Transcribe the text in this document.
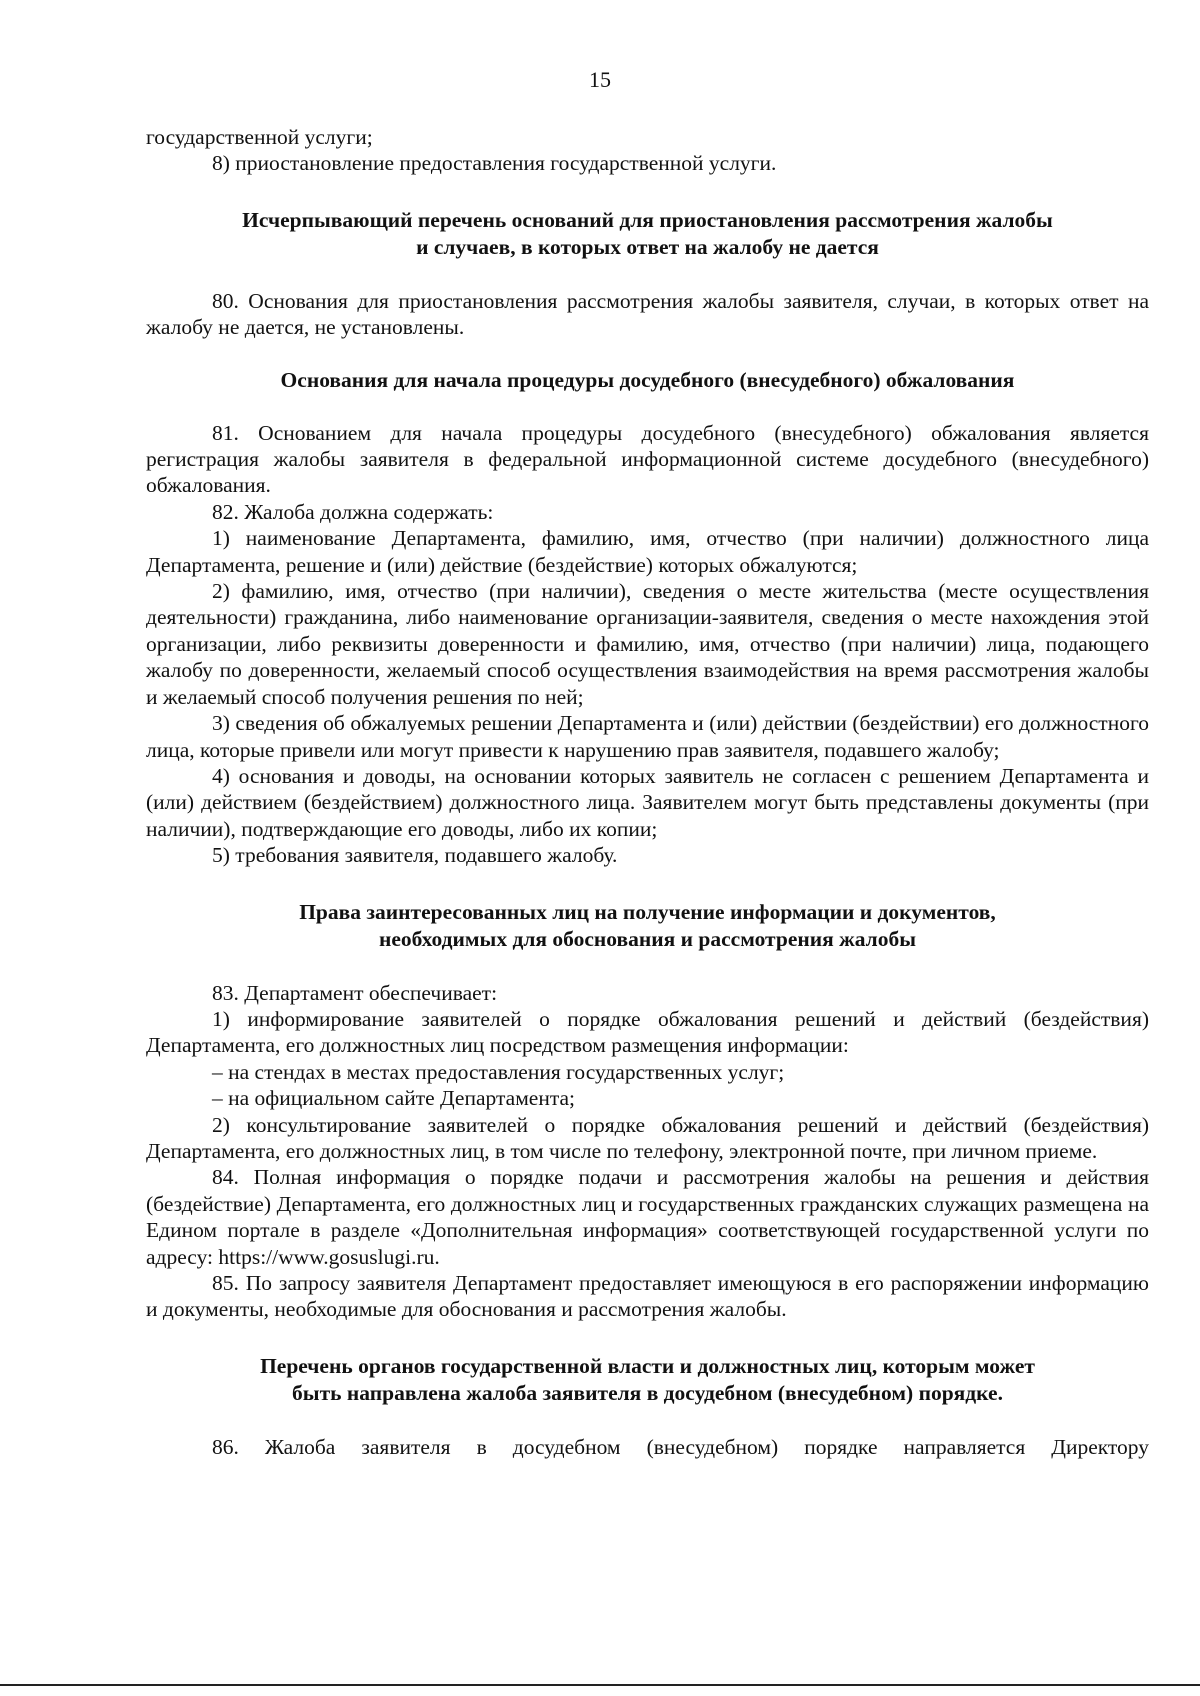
15

государственной услуги;

8) приостановление предоставления государственной услуги.

Исчерпывающий перечень оснований для приостановления рассмотрения жалобы
и случаев, в которых ответ на жалобу не дается

80. Основания для приостановления рассмотрения жалобы заявителя, случаи, в которых ответ на жалобу не дается, не установлены.

Основания для начала процедуры досудебного (внесудебного) обжалования

81. Основанием для начала процедуры досудебного (внесудебного) обжалования является регистрация жалобы заявителя в федеральной информационной системе досудебного (внесудебного) обжалования.

82. Жалоба должна содержать:

1) наименование Департамента, фамилию, имя, отчество (при наличии) должностного лица Департамента, решение и (или) действие (бездействие) которых обжалуются;

2) фамилию, имя, отчество (при наличии), сведения о месте жительства (месте осуществления деятельности) гражданина, либо наименование организации-заявителя, сведения о месте нахождения этой организации, либо реквизиты доверенности и фамилию, имя, отчество (при наличии) лица, подающего жалобу по доверенности, желаемый способ осуществления взаимодействия на время рассмотрения жалобы и желаемый способ получения решения по ней;

3) сведения об обжалуемых решении Департамента и (или) действии (бездействии) его должностного лица, которые привели или могут привести к нарушению прав заявителя, подавшего жалобу;

4) основания и доводы, на основании которых заявитель не согласен с решением Департамента и (или) действием (бездействием) должностного лица. Заявителем могут быть представлены документы (при наличии), подтверждающие его доводы, либо их копии;

5) требования заявителя, подавшего жалобу.

Права заинтересованных лиц на получение информации и документов,
необходимых для обоснования и рассмотрения жалобы

83. Департамент обеспечивает:

1) информирование заявителей о порядке обжалования решений и действий (бездействия) Департамента, его должностных лиц посредством размещения информации:

– на стендах в местах предоставления государственных услуг;

– на официальном сайте Департамента;

2) консультирование заявителей о порядке обжалования решений и действий (бездействия) Департамента, его должностных лиц, в том числе по телефону, электронной почте, при личном приеме.

84. Полная информация о порядке подачи и рассмотрения жалобы на решения и действия (бездействие) Департамента, его должностных лиц и государственных гражданских служащих размещена на Едином портале в разделе «Дополнительная информация» соответствующей государственной услуги по адресу: https://www.gosuslugi.ru.

85. По запросу заявителя Департамент предоставляет имеющуюся в его распоряжении информацию и документы, необходимые для обоснования и рассмотрения жалобы.

Перечень органов государственной власти и должностных лиц, которым может
быть направлена жалоба заявителя в досудебном (внесудебном) порядке.

86. Жалоба заявителя в досудебном (внесудебном) порядке направляется Директору
